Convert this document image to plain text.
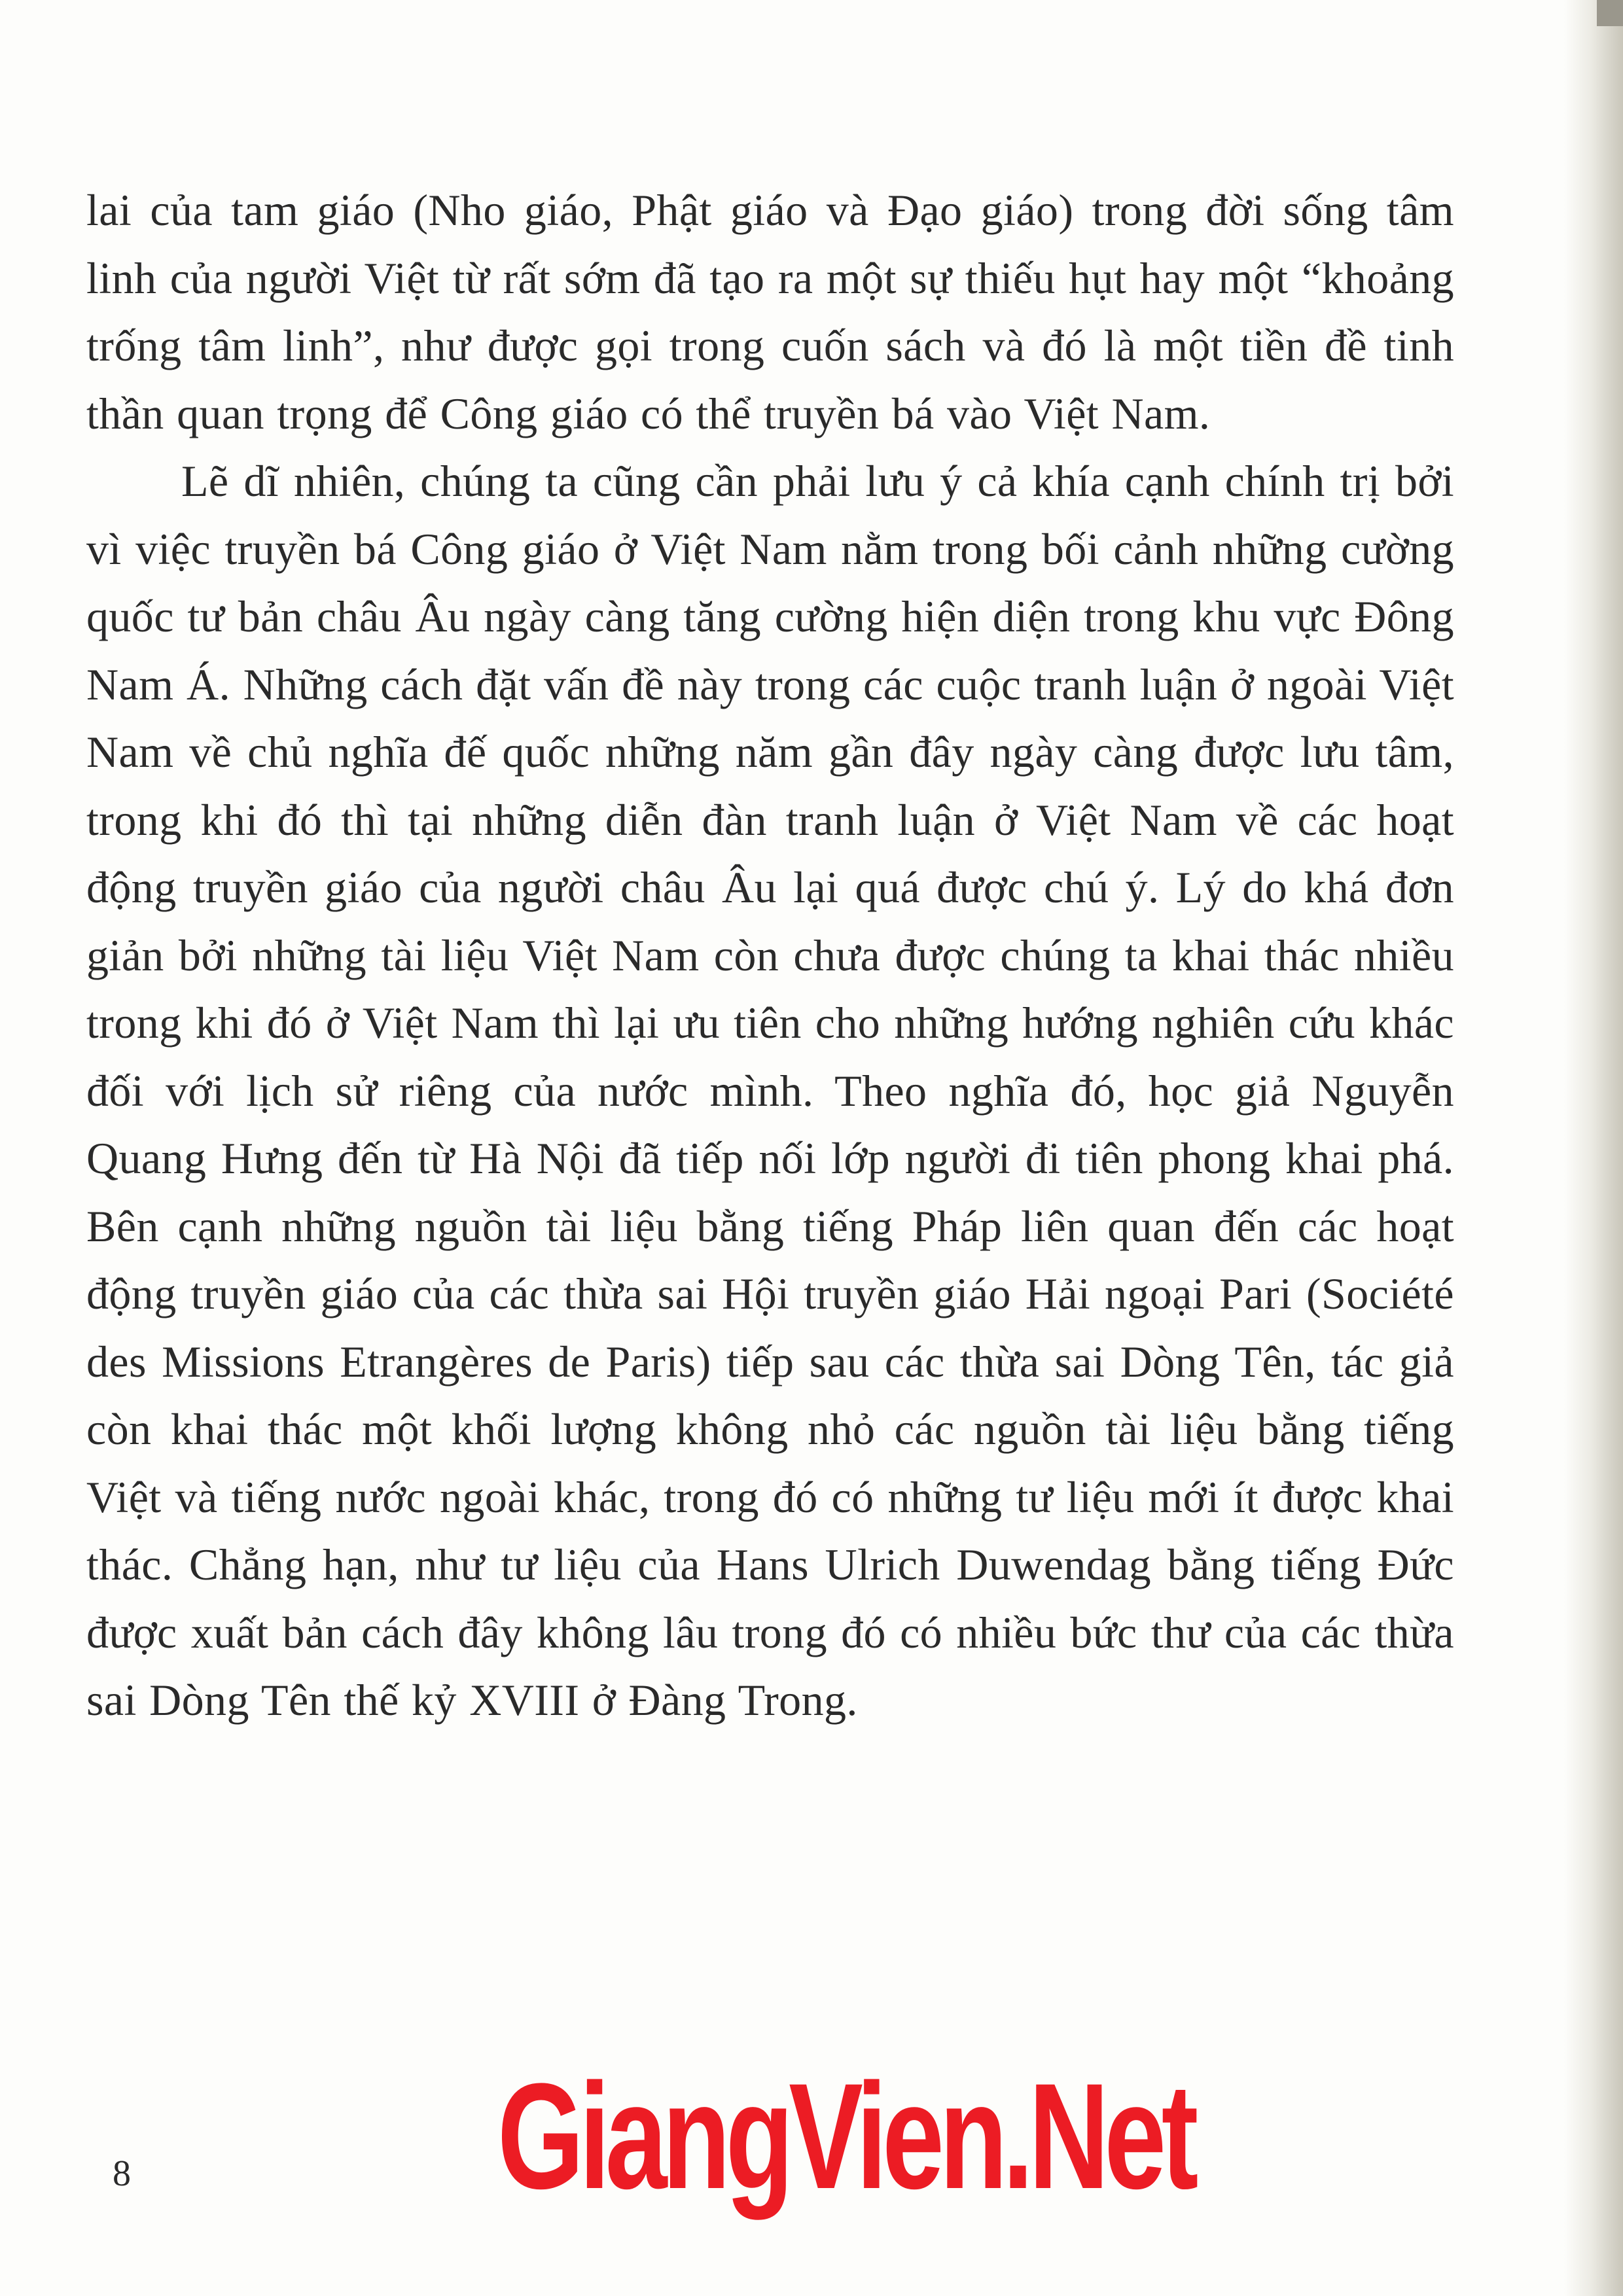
lai của tam giáo (Nho giáo, Phật giáo và Đạo giáo) trong đời sống tâm linh của người Việt từ rất sớm đã tạo ra một sự thiếu hụt hay một “khoảng trống tâm linh”, như được gọi trong cuốn sách và đó là một tiền đề tinh thần quan trọng để Công giáo có thể truyền bá vào Việt Nam.

Lẽ dĩ nhiên, chúng ta cũng cần phải lưu ý cả khía cạnh chính trị bởi vì việc truyền bá Công giáo ở Việt Nam nằm trong bối cảnh những cường quốc tư bản châu Âu ngày càng tăng cường hiện diện trong khu vực Đông Nam Á. Những cách đặt vấn đề này trong các cuộc tranh luận ở ngoài Việt Nam về chủ nghĩa đế quốc những năm gần đây ngày càng được lưu tâm, trong khi đó thì tại những diễn đàn tranh luận ở Việt Nam về các hoạt động truyền giáo của người châu Âu lại quá được chú ý. Lý do khá đơn giản bởi những tài liệu Việt Nam còn chưa được chúng ta khai thác nhiều trong khi đó ở Việt Nam thì lại ưu tiên cho những hướng nghiên cứu khác đối với lịch sử riêng của nước mình. Theo nghĩa đó, học giả Nguyễn Quang Hưng đến từ Hà Nội đã tiếp nối lớp người đi tiên phong khai phá. Bên cạnh những nguồn tài liệu bằng tiếng Pháp liên quan đến các hoạt động truyền giáo của các thừa sai Hội truyền giáo Hải ngoại Pari (Société des Missions Etrangères de Paris) tiếp sau các thừa sai Dòng Tên, tác giả còn khai thác một khối lượng không nhỏ các nguồn tài liệu bằng tiếng Việt và tiếng nước ngoài khác, trong đó có những tư liệu mới ít được khai thác. Chẳng hạn, như tư liệu của Hans Ulrich Duwendag bằng tiếng Đức được xuất bản cách đây không lâu trong đó có nhiều bức thư của các thừa sai Dòng Tên thế kỷ XVIII ở Đàng Trong.

8 GiangVien.Net
